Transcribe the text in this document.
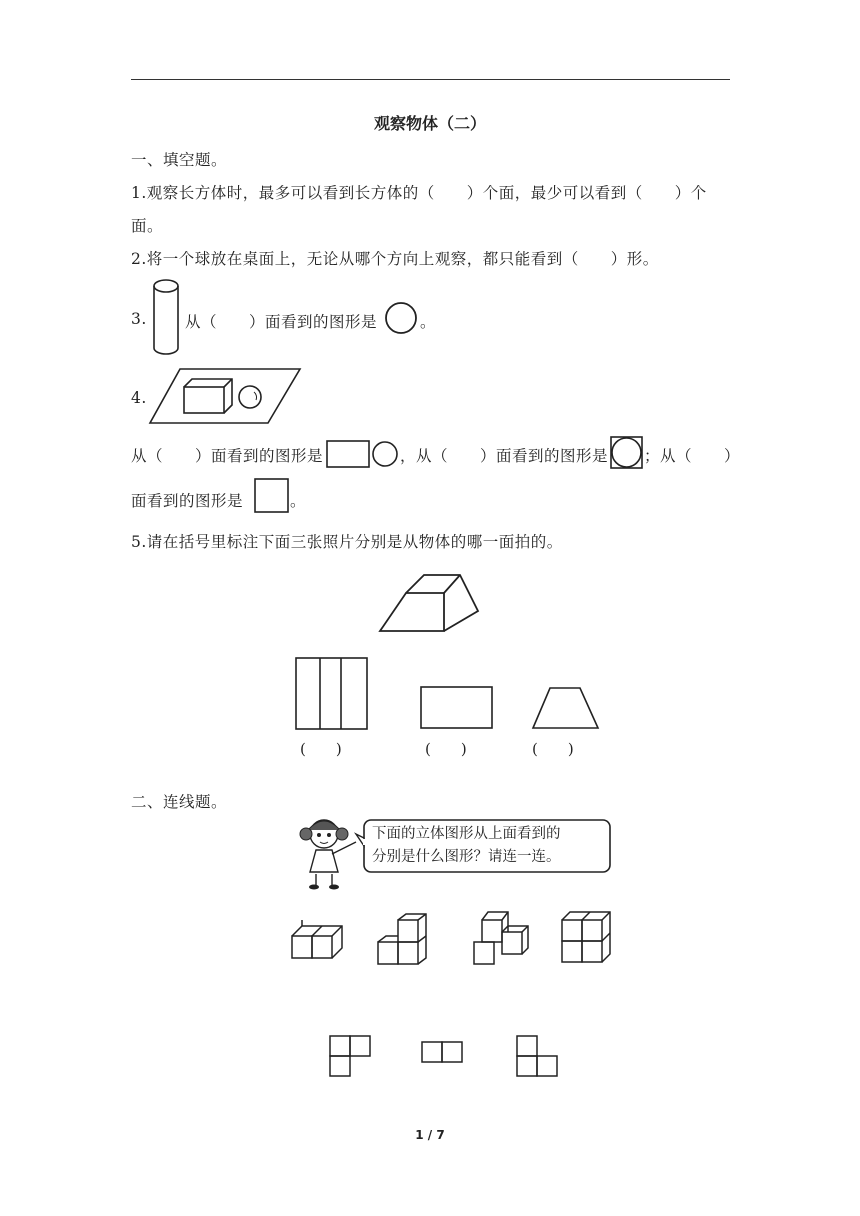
观察物体（二）
一、填空题。
1.观察长方体时，最多可以看到长方体的（　　）个面，最少可以看到（　　）个
面。
2.将一个球放在桌面上，无论从哪个方向上观察，都只能看到（　　）形。
3. 从（　　）面看到的图形是	。
4.
从（　　）面看到的图形是	，从（　　）面看到的图形是 ；从（　　）
面看到的图形是	。
5.请在括号里标注下面三张照片分别是从物体的哪一面拍的。
(　　)	(　　)	(　　)
二、连线题。
下面的立体图形从上面看到的
分别是什么图形？请连一连。
1 / 7
